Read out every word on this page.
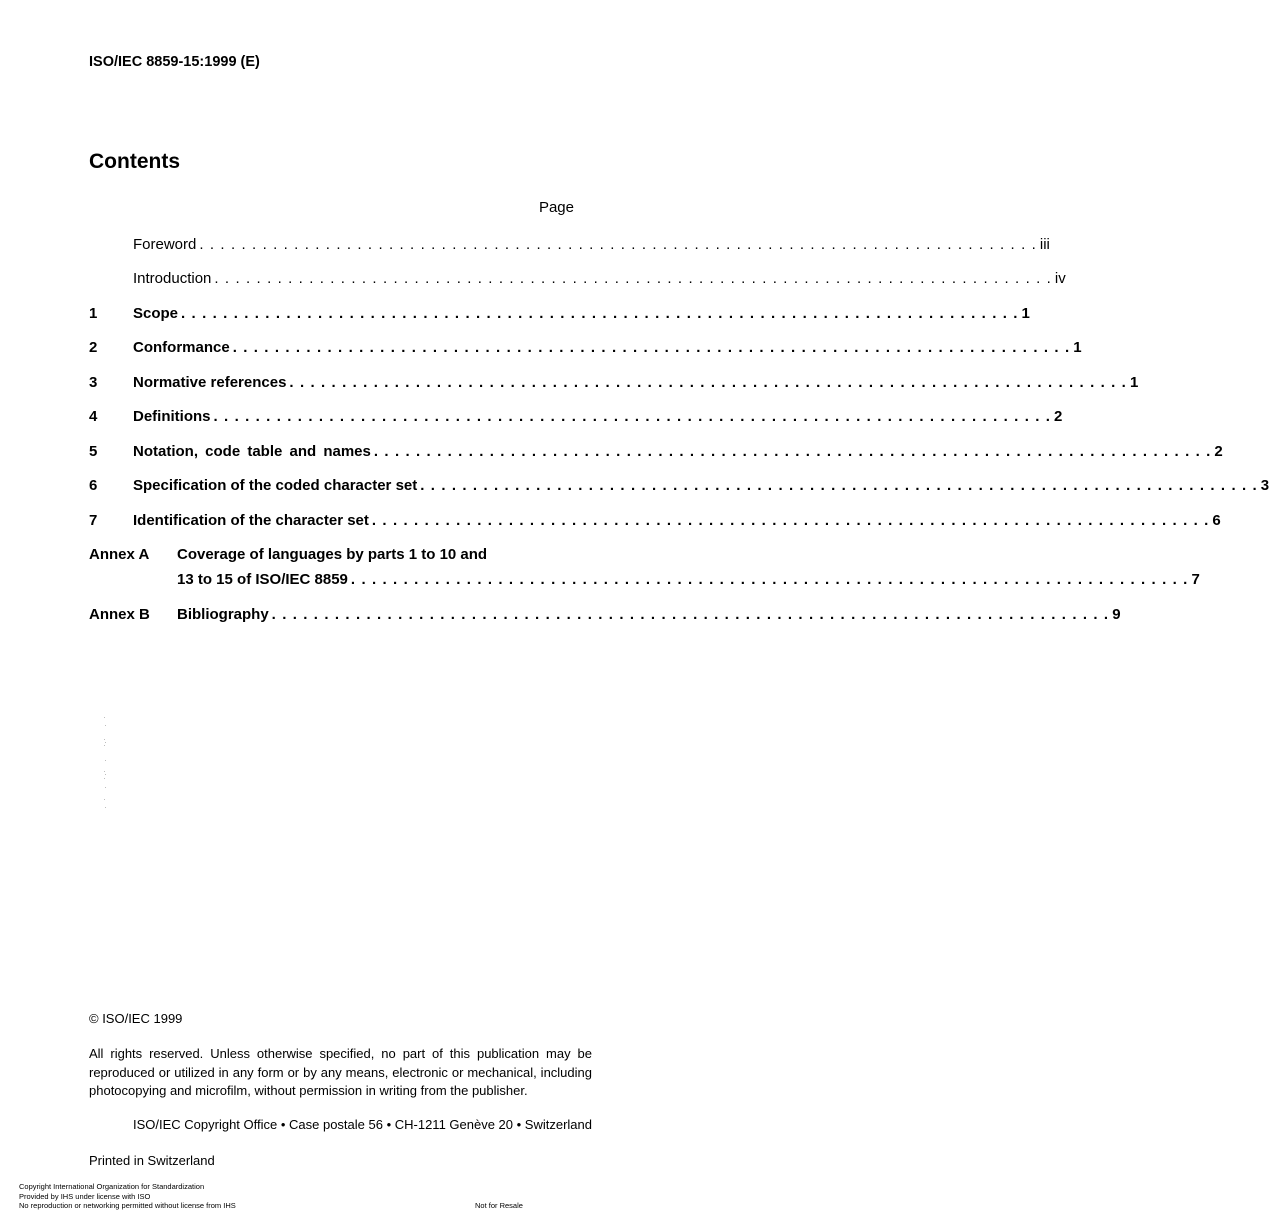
ISO/IEC 8859-15:1999 (E)
Contents
Page
Foreword . . . . . . . . . . . . . . . . . . . . . . . . . . . . . . . . . . . . . . . . . . . . . . . . . . . . . . . . . . . . . . . . . . . . . . . . . . . . . . . . iii
Introduction . . . . . . . . . . . . . . . . . . . . . . . . . . . . . . . . . . . . . . . . . . . . . . . . . . . . . . . . . . . . . . . . . . . . . . . . . . . . . . . . iv
1	Scope . . . . . . . . . . . . . . . . . . . . . . . . . . . . . . . . . . . . . . . . . . . . . . . . . . . . . . . . . . . . . . . . . . . . . . . . . . . . . . . . 1
2	Conformance . . . . . . . . . . . . . . . . . . . . . . . . . . . . . . . . . . . . . . . . . . . . . . . . . . . . . . . . . . . . . . . . . . . . . . . . . . . . . . . . 1
3	Normative references . . . . . . . . . . . . . . . . . . . . . . . . . . . . . . . . . . . . . . . . . . . . . . . . . . . . . . . . . . . . . . . . . . . . . . . . . . . . . . . . 1
4	Definitions . . . . . . . . . . . . . . . . . . . . . . . . . . . . . . . . . . . . . . . . . . . . . . . . . . . . . . . . . . . . . . . . . . . . . . . . . . . . . . . . 2
5	Notation, code table and names . . . . . . . . . . . . . . . . . . . . . . . . . . . . . . . . . . . . . . . . . . . . . . . . . . . . . . . . . . . . . . . . . . . . . . . . . . . . . . . . 2
6	Specification of the coded character set . . . . . . . . . . . . . . . . . . . . . . . . . . . . . . . . . . . . . . . . . . . . . . . . . . . . . . . . . . . . . . . . . . . . . . . . . . . . . . . . 3
7	Identification of the character set . . . . . . . . . . . . . . . . . . . . . . . . . . . . . . . . . . . . . . . . . . . . . . . . . . . . . . . . . . . . . . . . . . . . . . . . . . . . . . . . 6
Annex A	Coverage of languages by parts 1 to 10 and
13 to 15 of ISO/IEC 8859 . . . . . . . . . . . . . . . . . . . . . . . . . . . . . . . . . . . . . . . . . . . . . . . . . . . . . . . . . . . . . . . . . . . . . . . . . . . . . . . . 7
Annex B	Bibliography . . . . . . . . . . . . . . . . . . . . . . . . . . . . . . . . . . . . . . . . . . . . . . . . . . . . . . . . . . . . . . . . . . . . . . . . . . . . . . . . 9
© ISO/IEC 1999
All rights reserved. Unless otherwise specified, no part of this publication may be reproduced or utilized in any form or by any means, electronic or mechanical, including photocopying and microfilm, without permission in writing from the publisher.
ISO/IEC Copyright Office • Case postale 56 • CH-1211 Genève 20 • Switzerland
Printed in Switzerland
Copyright International Organization for Standardization
Provided by IHS under license with ISO
No reproduction or networking permitted without license from IHS	Not for Resale
